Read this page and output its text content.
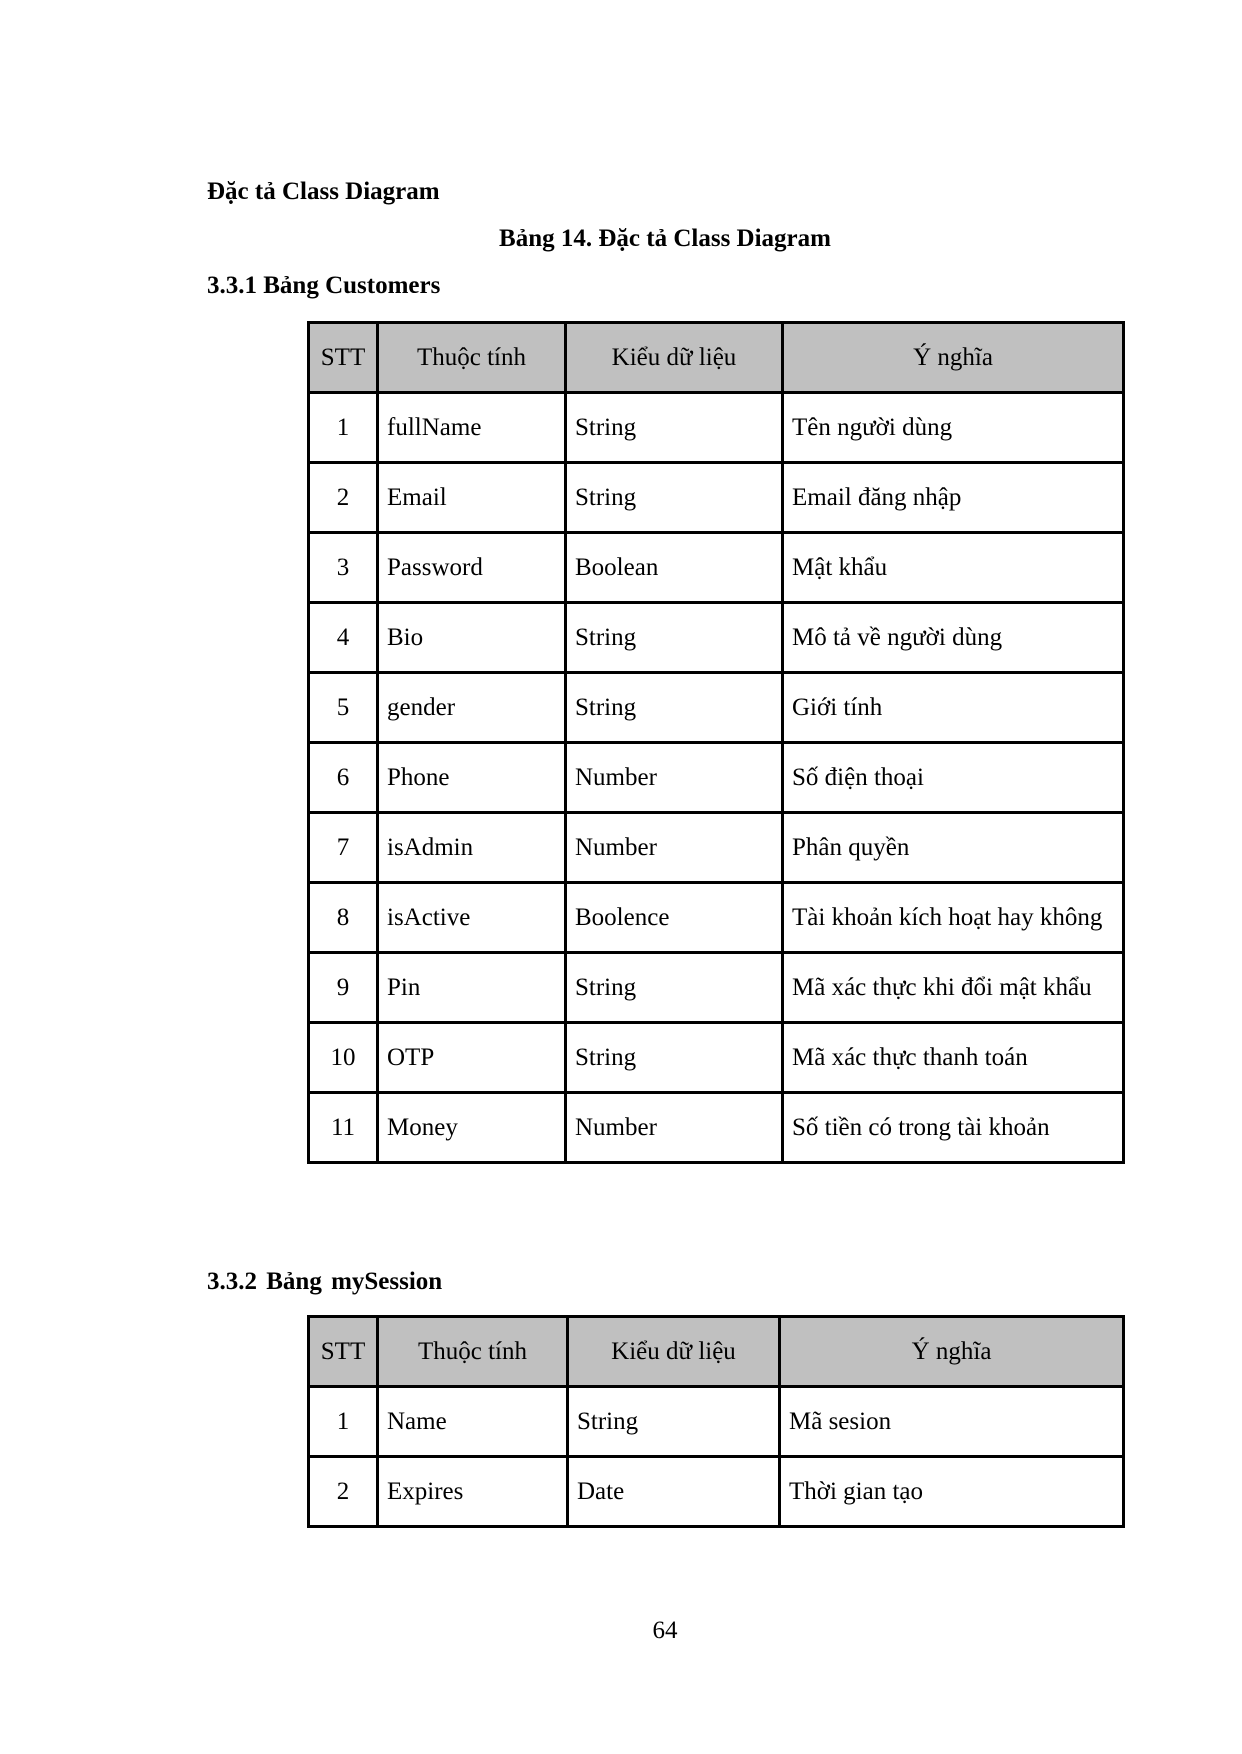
Đặc tả Class Diagram
Bảng 14. Đặc tả Class Diagram
3.3.1 Bảng Customers
STT	Thuộc tính	Kiểu dữ liệu	Ý nghĩa
1	fullName	String	Tên người dùng
2	Email	String	Email đăng nhập
3	Password	Boolean	Mật khẩu
4	Bio	String	Mô tả về người dùng
5	gender	String	Giới tính
6	Phone	Number	Số điện thoại
7	isAdmin	Number	Phân quyền
8	isActive	Boolence	Tài khoản kích hoạt hay không
9	Pin	String	Mã xác thực khi đổi mật khẩu
10	OTP	String	Mã xác thực thanh toán
11	Money	Number	Số tiền có trong tài khoản
3.3.2 Bảng mySession
STT	Thuộc tính	Kiểu dữ liệu	Ý nghĩa
1	Name	String	Mã sesion
2	Expires	Date	Thời gian tạo
64
